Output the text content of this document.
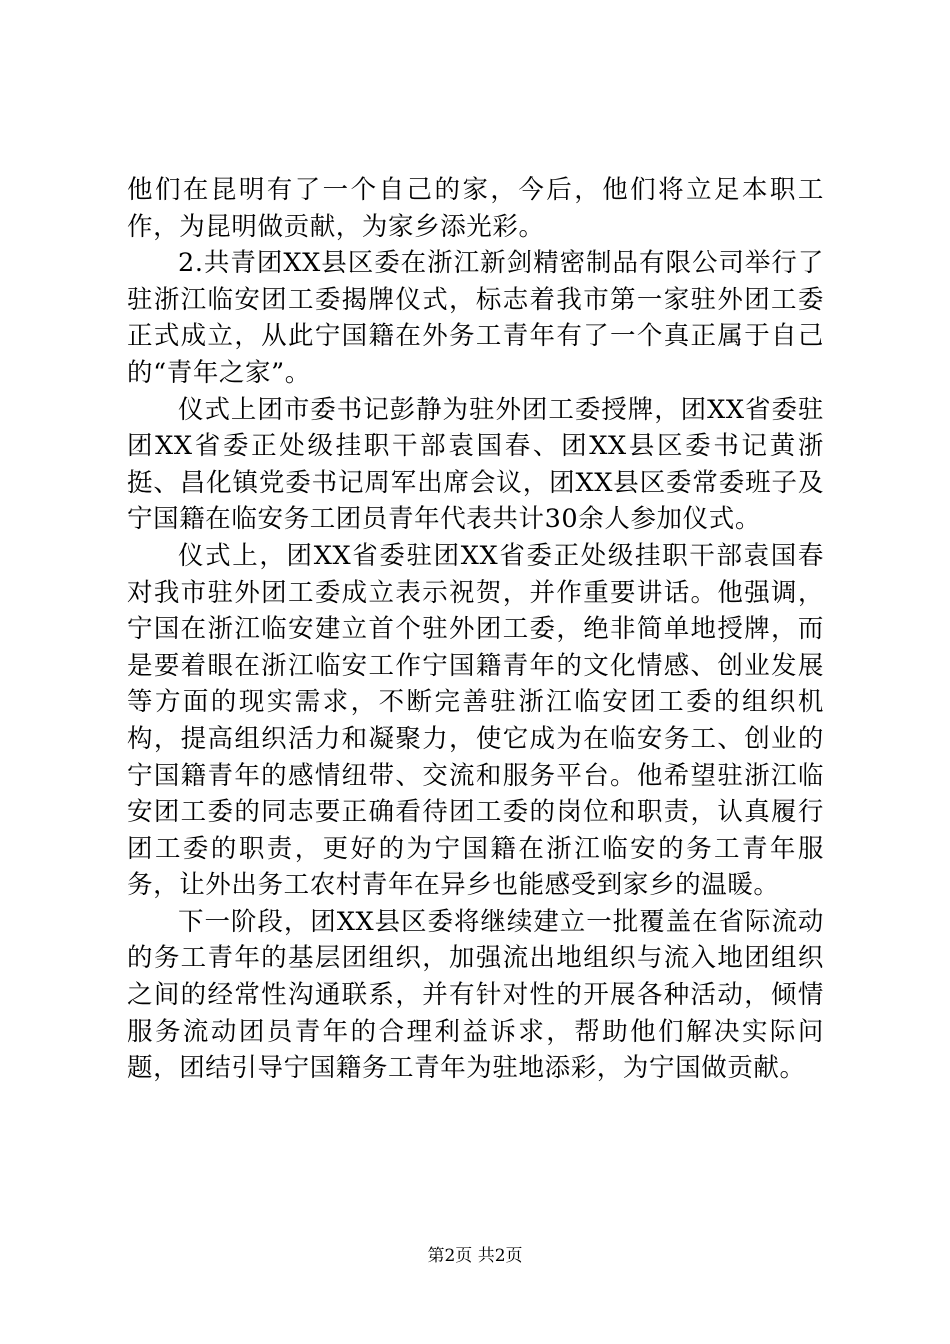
他们在昆明有了一个自己的家，今后，他们将立足本职工作，为昆明做贡献，为家乡添光彩。

2.共青团XX县区委在浙江新剑精密制品有限公司举行了驻浙江临安团工委揭牌仪式，标志着我市第一家驻外团工委正式成立，从此宁国籍在外务工青年有了一个真正属于自己的“青年之家”。

仪式上团市委书记彭静为驻外团工委授牌，团XX省委驻团XX省委正处级挂职干部袁国春、团XX县区委书记黄浙挺、昌化镇党委书记周军出席会议，团XX县区委常委班子及宁国籍在临安务工团员青年代表共计30余人参加仪式。

仪式上，团XX省委驻团XX省委正处级挂职干部袁国春对我市驻外团工委成立表示祝贺，并作重要讲话。他强调，宁国在浙江临安建立首个驻外团工委，绝非简单地授牌，而是要着眼在浙江临安工作宁国籍青年的文化情感、创业发展等方面的现实需求，不断完善驻浙江临安团工委的组织机构，提高组织活力和凝聚力，使它成为在临安务工、创业的宁国籍青年的感情纽带、交流和服务平台。他希望驻浙江临安团工委的同志要正确看待团工委的岗位和职责，认真履行团工委的职责，更好的为宁国籍在浙江临安的务工青年服务，让外出务工农村青年在异乡也能感受到家乡的温暖。

下一阶段，团XX县区委将继续建立一批覆盖在省际流动的务工青年的基层团组织，加强流出地组织与流入地团组织之间的经常性沟通联系，并有针对性的开展各种活动，倾情服务流动团员青年的合理利益诉求，帮助他们解决实际问题，团结引导宁国籍务工青年为驻地添彩，为宁国做贡献。

第2页 共2页
